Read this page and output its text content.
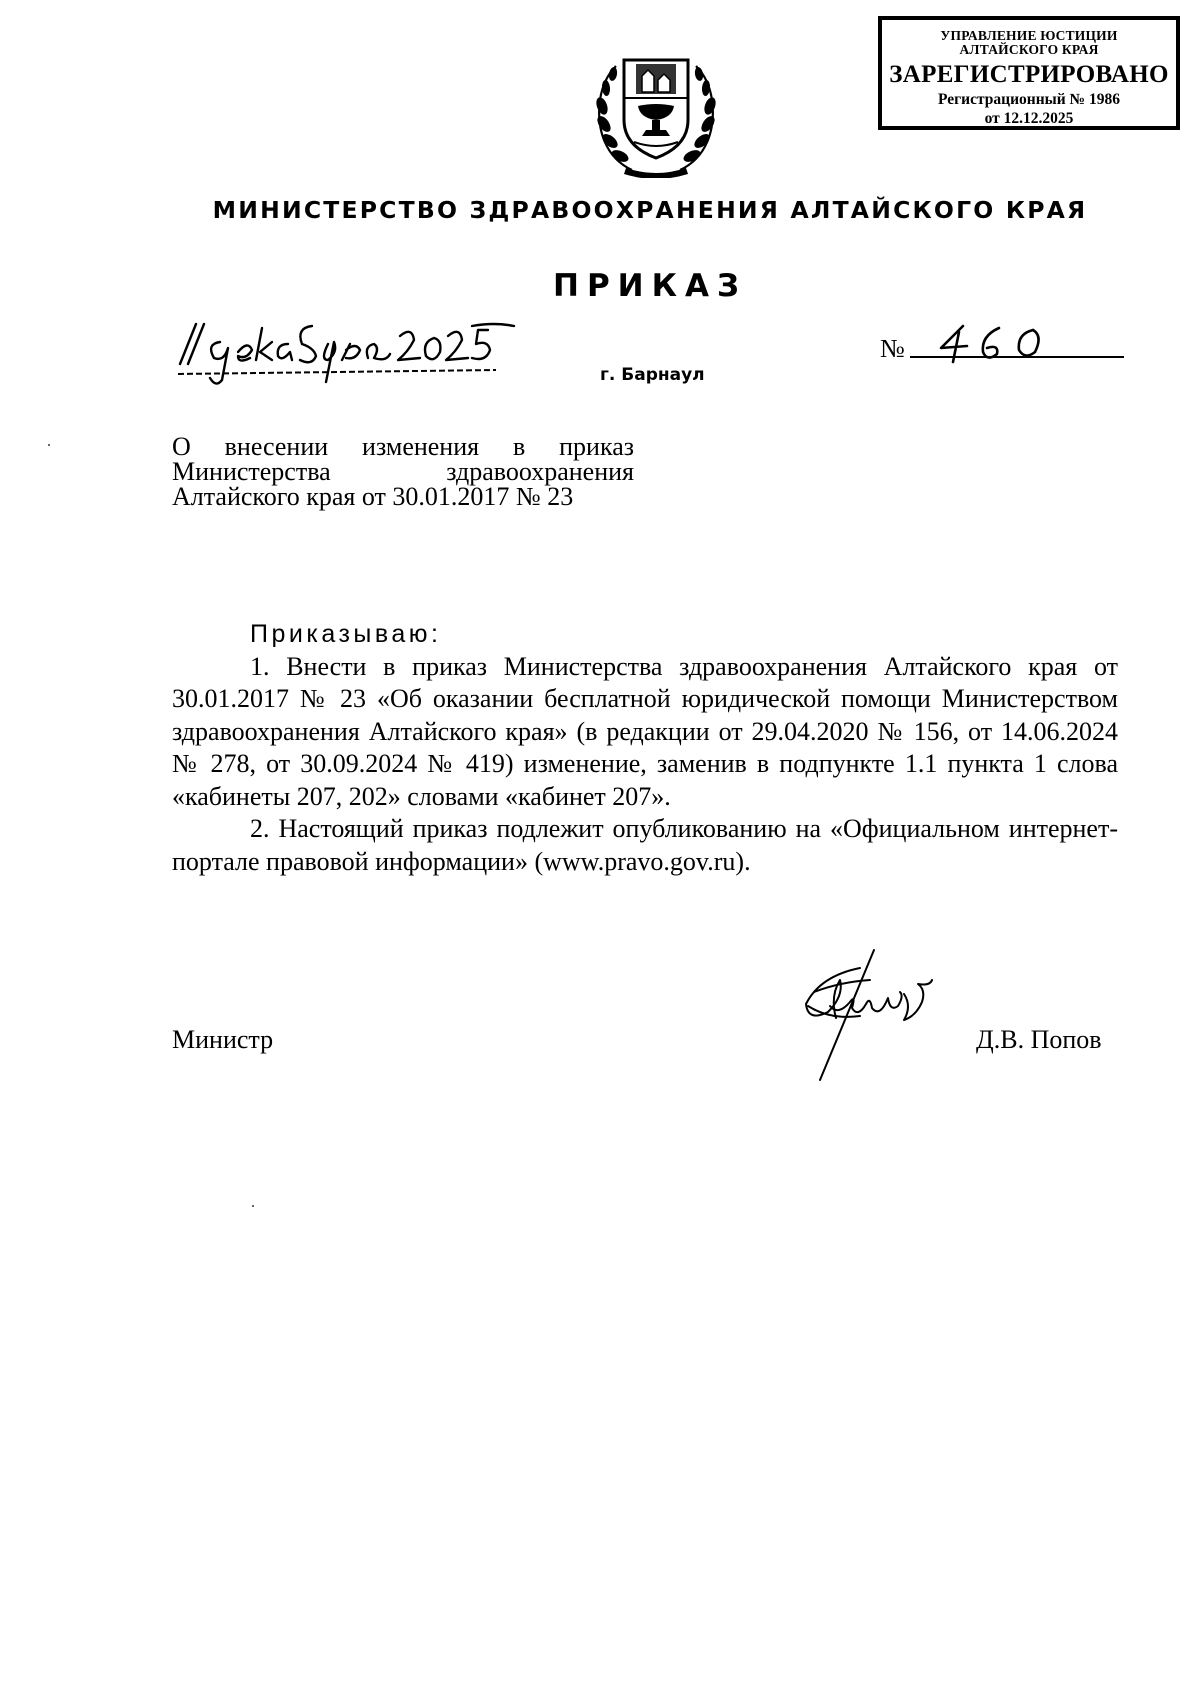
УПРАВЛЕНИЕ ЮСТИЦИИ
АЛТАЙСКОГО КРАЯ
ЗАРЕГИСТРИРОВАНО
Регистрационный № 1986
от 12.12.2025
МИНИСТЕРСТВО ЗДРАВООХРАНЕНИЯ АЛТАЙСКОГО КРАЯ
ПРИКАЗ
г. Барнаул
№
О внесении изменения в приказ
Министерства здравоохранения
Алтайского края от 30.01.2017 № 23
Приказываю:

1. Внести в приказ Министерства здравоохранения Алтайского края от 30.01.2017 № 23 «Об оказании бесплатной юридической помощи Министерством здравоохранения Алтайского края» (в редакции от 29.04.2020 № 156, от 14.06.2024 № 278, от 30.09.2024 № 419) изменение, заменив в подпункте 1.1 пункта 1 слова «кабинеты 207, 202» словами «кабинет 207».

2. Настоящий приказ подлежит опубликованию на «Официальном интернет-портале правовой информации» (www.pravo.gov.ru).

Министр	Д.В. Попов
